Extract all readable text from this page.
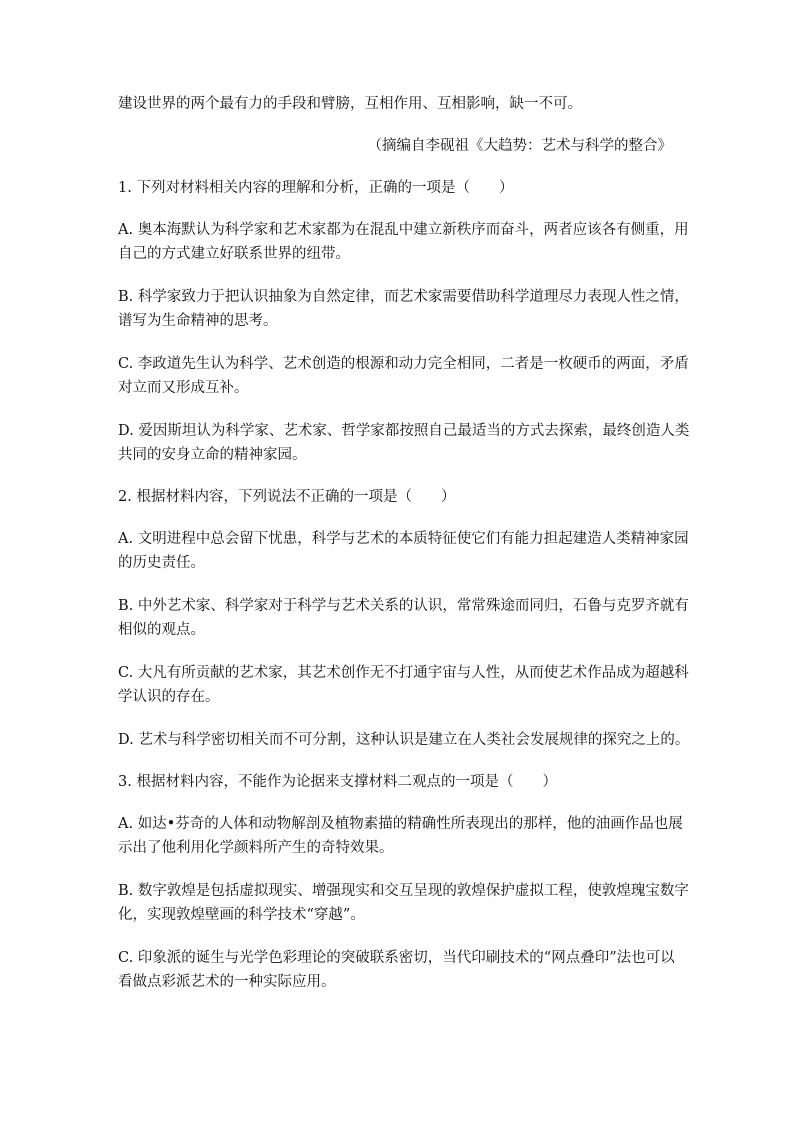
建设世界的两个最有力的手段和臂膀，互相作用、互相影响，缺一不可。
（摘编自李砚祖《大趋势：艺术与科学的整合》
1. 下列对材料相关内容的理解和分析，正确的一项是（　　）
A. 奥本海默认为科学家和艺术家都为在混乱中建立新秩序而奋斗，两者应该各有侧重，用
自己的方式建立好联系世界的纽带。
B. 科学家致力于把认识抽象为自然定律，而艺术家需要借助科学道理尽力表现人性之情，
谱写为生命精神的思考。
C. 李政道先生认为科学、艺术创造的根源和动力完全相同，二者是一枚硬币的两面，矛盾
对立而又形成互补。
D. 爱因斯坦认为科学家、艺术家、哲学家都按照自己最适当的方式去探索，最终创造人类
共同的安身立命的精神家园。
2. 根据材料内容，下列说法不正确的一项是（　　）
A. 文明进程中总会留下忧患，科学与艺术的本质特征使它们有能力担起建造人类精神家园
的历史责任。
B. 中外艺术家、科学家对于科学与艺术关系的认识，常常殊途而同归，石鲁与克罗齐就有
相似的观点。
C. 大凡有所贡献的艺术家，其艺术创作无不打通宇宙与人性，从而使艺术作品成为超越科
学认识的存在。
D. 艺术与科学密切相关而不可分割，这种认识是建立在人类社会发展规律的探究之上的。
3. 根据材料内容，不能作为论据来支撑材料二观点的一项是（　　）
A. 如达•芬奇的人体和动物解剖及植物素描的精确性所表现出的那样，他的油画作品也展
示出了他利用化学颜料所产生的奇特效果。
B. 数字敦煌是包括虚拟现实、增强现实和交互呈现的敦煌保护虚拟工程，使敦煌瑰宝数字
化，实现敦煌壁画的科学技术“穿越”。
C. 印象派的诞生与光学色彩理论的突破联系密切，当代印刷技术的“网点叠印”法也可以
看做点彩派艺术的一种实际应用。
